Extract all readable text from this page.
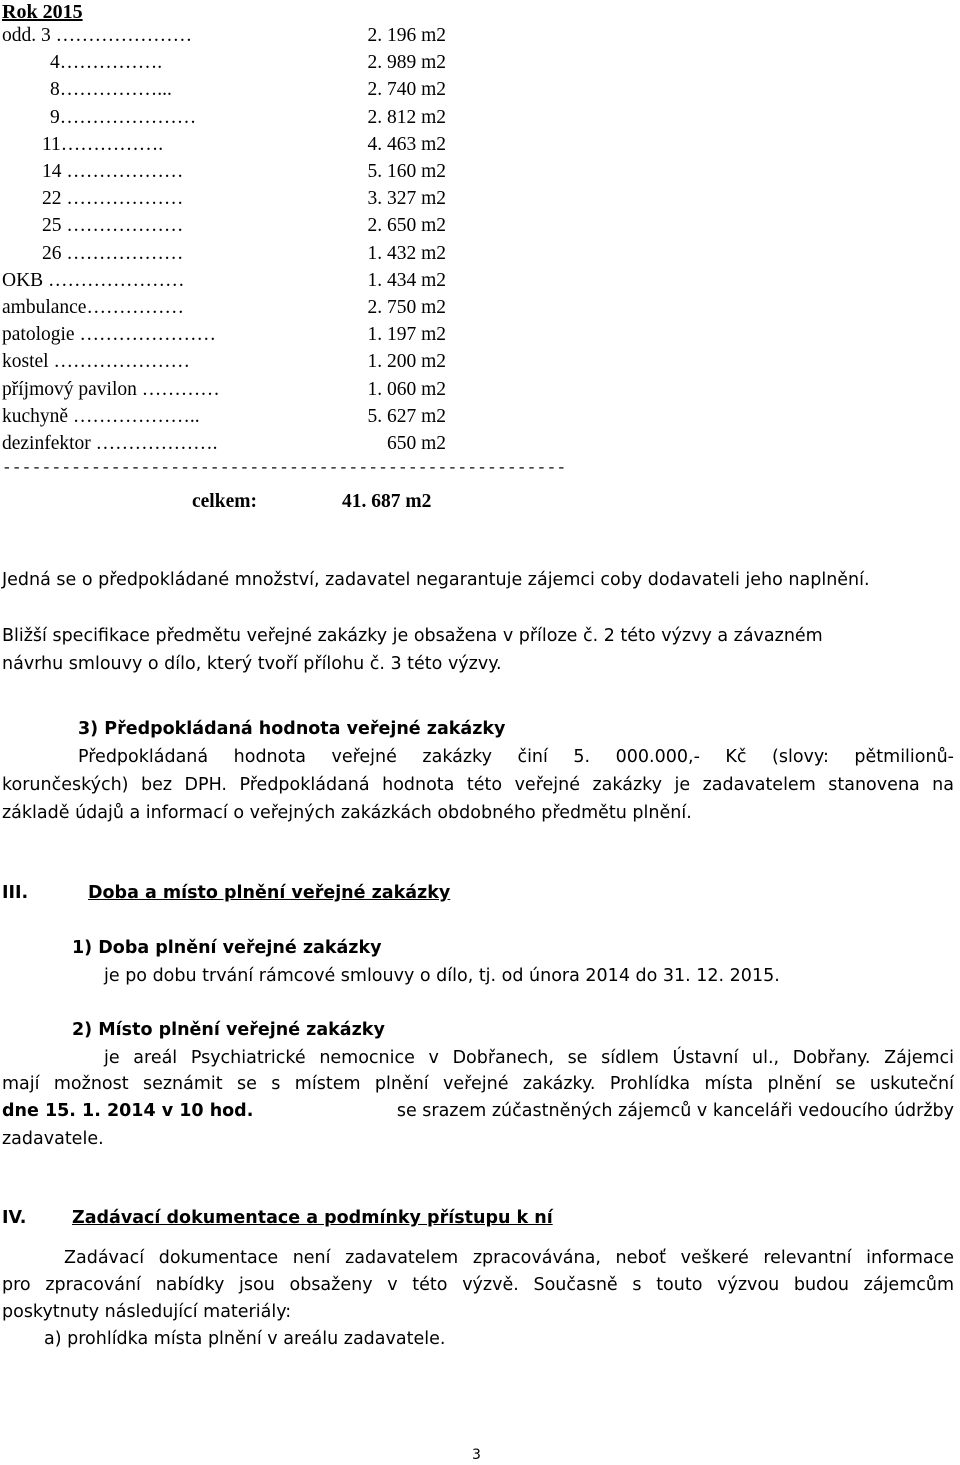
Rok 2015
odd. 3 …………………	2. 196 m2
4…………….	2. 989 m2
8……………...	2. 740 m2
9…………………	2. 812 m2
11…………….	4. 463 m2
14 ………………	5. 160 m2
22 ………………	3. 327 m2
25 ………………	2. 650 m2
26 ………………	1. 432 m2
OKB …………………	1. 434 m2
ambulance……………	2. 750 m2
patologie …………………	1. 197 m2
kostel …………………	1. 200 m2
příjmový pavilon …………	1. 060 m2
kuchyně ………………..	5. 627 m2
dezinfektor ……………….	650 m2
---------------------------------------------------------
celkem:	41. 687 m2
Jedná se o předpokládané množství, zadavatel negarantuje zájemci coby dodavateli jeho naplnění.
Bližší specifikace předmětu veřejné zakázky je obsažena v příloze č. 2 této výzvy a závazném
návrhu smlouvy o dílo, který tvoří přílohu č. 3 této výzvy.
3) Předpokládaná hodnota veřejné zakázky
Předpokládaná hodnota veřejné zakázky činí 5. 000.000,- Kč (slovy: pětmilionů-
korunčeských) bez DPH. Předpokládaná hodnota této veřejné zakázky je zadavatelem stanovena na
základě údajů a informací o veřejných zakázkách obdobného předmětu plnění.
III.	Doba a místo plnění veřejné zakázky
1) Doba plnění veřejné zakázky
je po dobu trvání rámcové smlouvy o dílo, tj. od února 2014 do 31. 12. 2015.
2) Místo plnění veřejné zakázky
je areál Psychiatrické nemocnice v Dobřanech, se sídlem Ústavní ul., Dobřany. Zájemci
mají možnost seznámit se s místem plnění veřejné zakázky. Prohlídka místa plnění se uskuteční
dne 15. 1. 2014 v 10 hod.	se srazem zúčastněných zájemců v kanceláři vedoucího údržby
zadavatele.
IV.	Zadávací dokumentace a podmínky přístupu k ní
Zadávací dokumentace není zadavatelem zpracovávána, neboť veškeré relevantní informace
pro zpracování nabídky jsou obsaženy v této výzvě. Současně s touto výzvou budou zájemcům
poskytnuty následující materiály:
a) prohlídka místa plnění v areálu zadavatele.
3
